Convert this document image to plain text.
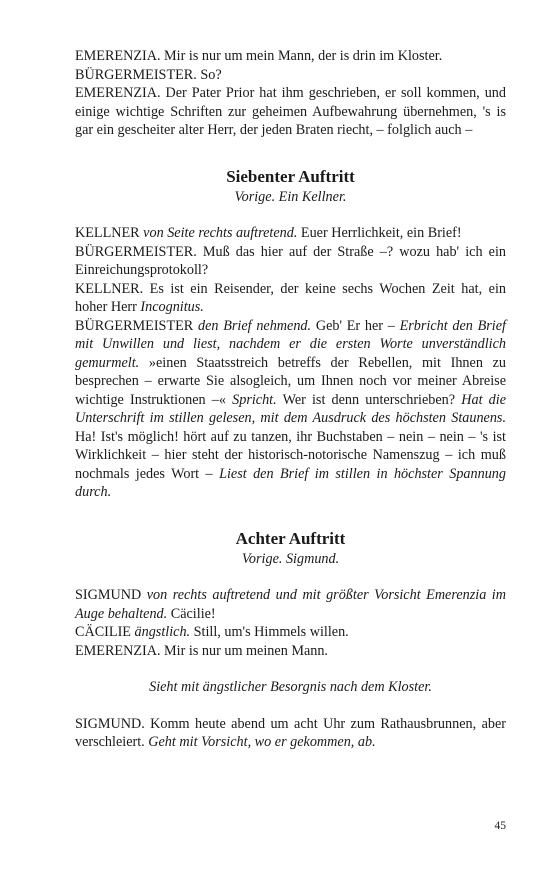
EMERENZIA. Mir is nur um mein Mann, der is drin im Kloster.

BÜRGERMEISTER. So?

EMERENZIA. Der Pater Prior hat ihm geschrieben, er soll kommen, und einige wichtige Schriften zur geheimen Aufbewahrung übernehmen, 's is gar ein gescheiter alter Herr, der jeden Braten riecht, – folglich auch –

Siebenter Auftritt

Vorige. Ein Kellner.

KELLNER von Seite rechts auftretend. Euer Herrlichkeit, ein Brief!

BÜRGERMEISTER. Muß das hier auf der Straße –? wozu hab' ich ein Einreichungsprotokoll?

KELLNER. Es ist ein Reisender, der keine sechs Wochen Zeit hat, ein hoher Herr Incognitus.

BÜRGERMEISTER den Brief nehmend. Geb' Er her – Erbricht den Brief mit Unwillen und liest, nachdem er die ersten Worte unverständlich gemurmelt. »einen Staatsstreich betreffs der Rebellen, mit Ihnen zu besprechen – erwarte Sie alsogleich, um Ihnen noch vor meiner Abreise wichtige Instruktionen –« Spricht. Wer ist denn unterschrieben? Hat die Unterschrift im stillen gelesen, mit dem Ausdruck des höchsten Staunens. Ha! Ist's möglich! hört auf zu tanzen, ihr Buchstaben – nein – nein – 's ist Wirklichkeit – hier steht der historisch-notorische Namenszug – ich muß nochmals jedes Wort – Liest den Brief im stillen in höchster Spannung durch.

Achter Auftritt

Vorige. Sigmund.

SIGMUND von rechts auftretend und mit größter Vorsicht Emerenzia im Auge behaltend. Cäcilie!

CÄCILIE ängstlich. Still, um's Himmels willen.

EMERENZIA. Mir is nur um meinen Mann.

Sieht mit ängstlicher Besorgnis nach dem Kloster.

SIGMUND. Komm heute abend um acht Uhr zum Rathausbrunnen, aber verschleiert. Geht mit Vorsicht, wo er gekommen, ab.

45
